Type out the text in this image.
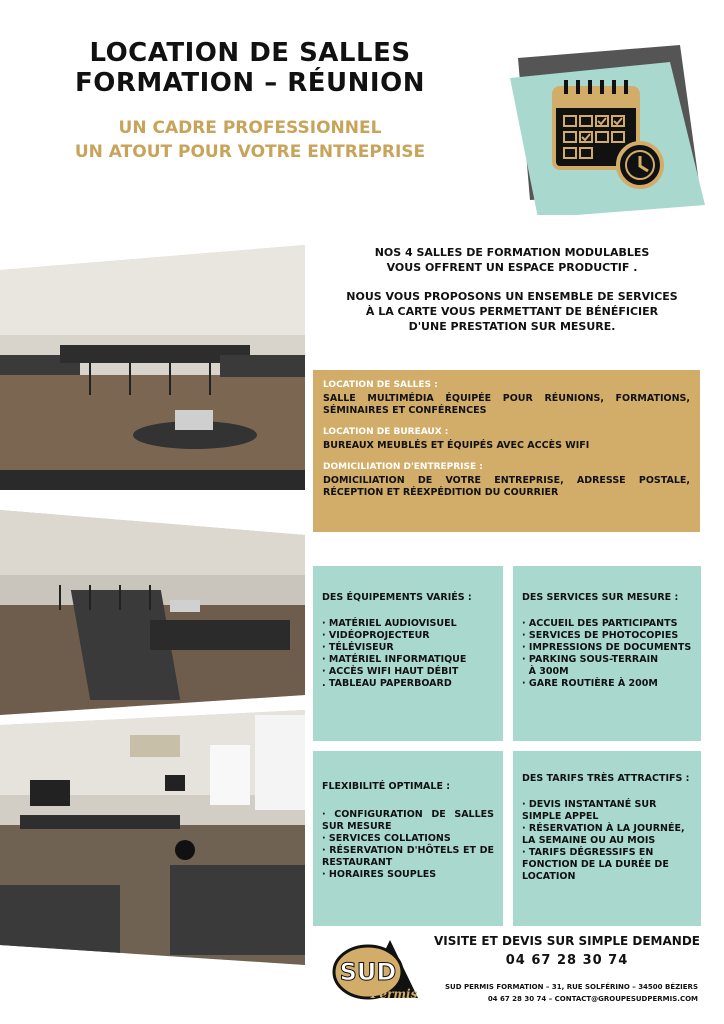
LOCATION DE SALLES
FORMATION – RÉUNION
UN CADRE PROFESSIONNEL
UN ATOUT POUR VOTRE ENTREPRISE
NOS 4 SALLES DE FORMATION MODULABLES
VOUS OFFRENT UN ESPACE PRODUCTIF .
NOUS VOUS PROPOSONS UN ENSEMBLE DE SERVICES
À LA CARTE VOUS PERMETTANT DE BÉNÉFICIER
D'UNE PRESTATION SUR MESURE.
LOCATION DE SALLES :
SALLE MULTIMÉDIA ÉQUIPÉE POUR RÉUNIONS, FORMATIONS, SÉMINAIRES ET CONFÉRENCES
LOCATION DE BUREAUX :
BUREAUX MEUBLÉS ET ÉQUIPÉS AVEC ACCÈS WIFI
DOMICILIATION D'ENTREPRISE :
DOMICILIATION DE VOTRE ENTREPRISE, ADRESSE POSTALE, RÉCEPTION ET RÉEXPÉDITION DU COURRIER
DES ÉQUIPEMENTS VARIÉS :
· MATÉRIEL AUDIOVISUEL
· VIDÉOPROJECTEUR
· TÉLÉVISEUR
· MATÉRIEL INFORMATIQUE
· ACCÈS WIFI HAUT DÉBIT
. TABLEAU PAPERBOARD
DES SERVICES SUR MESURE :
· ACCUEIL DES PARTICIPANTS
· SERVICES DE PHOTOCOPIES
· IMPRESSIONS DE DOCUMENTS
· PARKING SOUS-TERRAIN
À 300M
· GARE ROUTIÈRE À 200M
FLEXIBILITÉ OPTIMALE :
· CONFIGURATION DE SALLES SUR MESURE
· SERVICES COLLATIONS
· RÉSERVATION D'HÔTELS ET DE RESTAURANT
· HORAIRES SOUPLES
DES TARIFS TRÈS ATTRACTIFS :
· DEVIS INSTANTANÉ SUR SIMPLE APPEL
· RÉSERVATION À LA JOURNÉE, LA SEMAINE OU AU MOIS
· TARIFS DÉGRESSIFS EN FONCTION DE LA DURÉE DE LOCATION
SUD
Permis
VISITE ET DEVIS SUR SIMPLE DEMANDE
04 67 28 30 74
SUD PERMIS FORMATION – 31, RUE SOLFÉRINO – 34500 BÉZIERS
04 67 28 30 74 – CONTACT@GROUPESUDPERMIS.COM
